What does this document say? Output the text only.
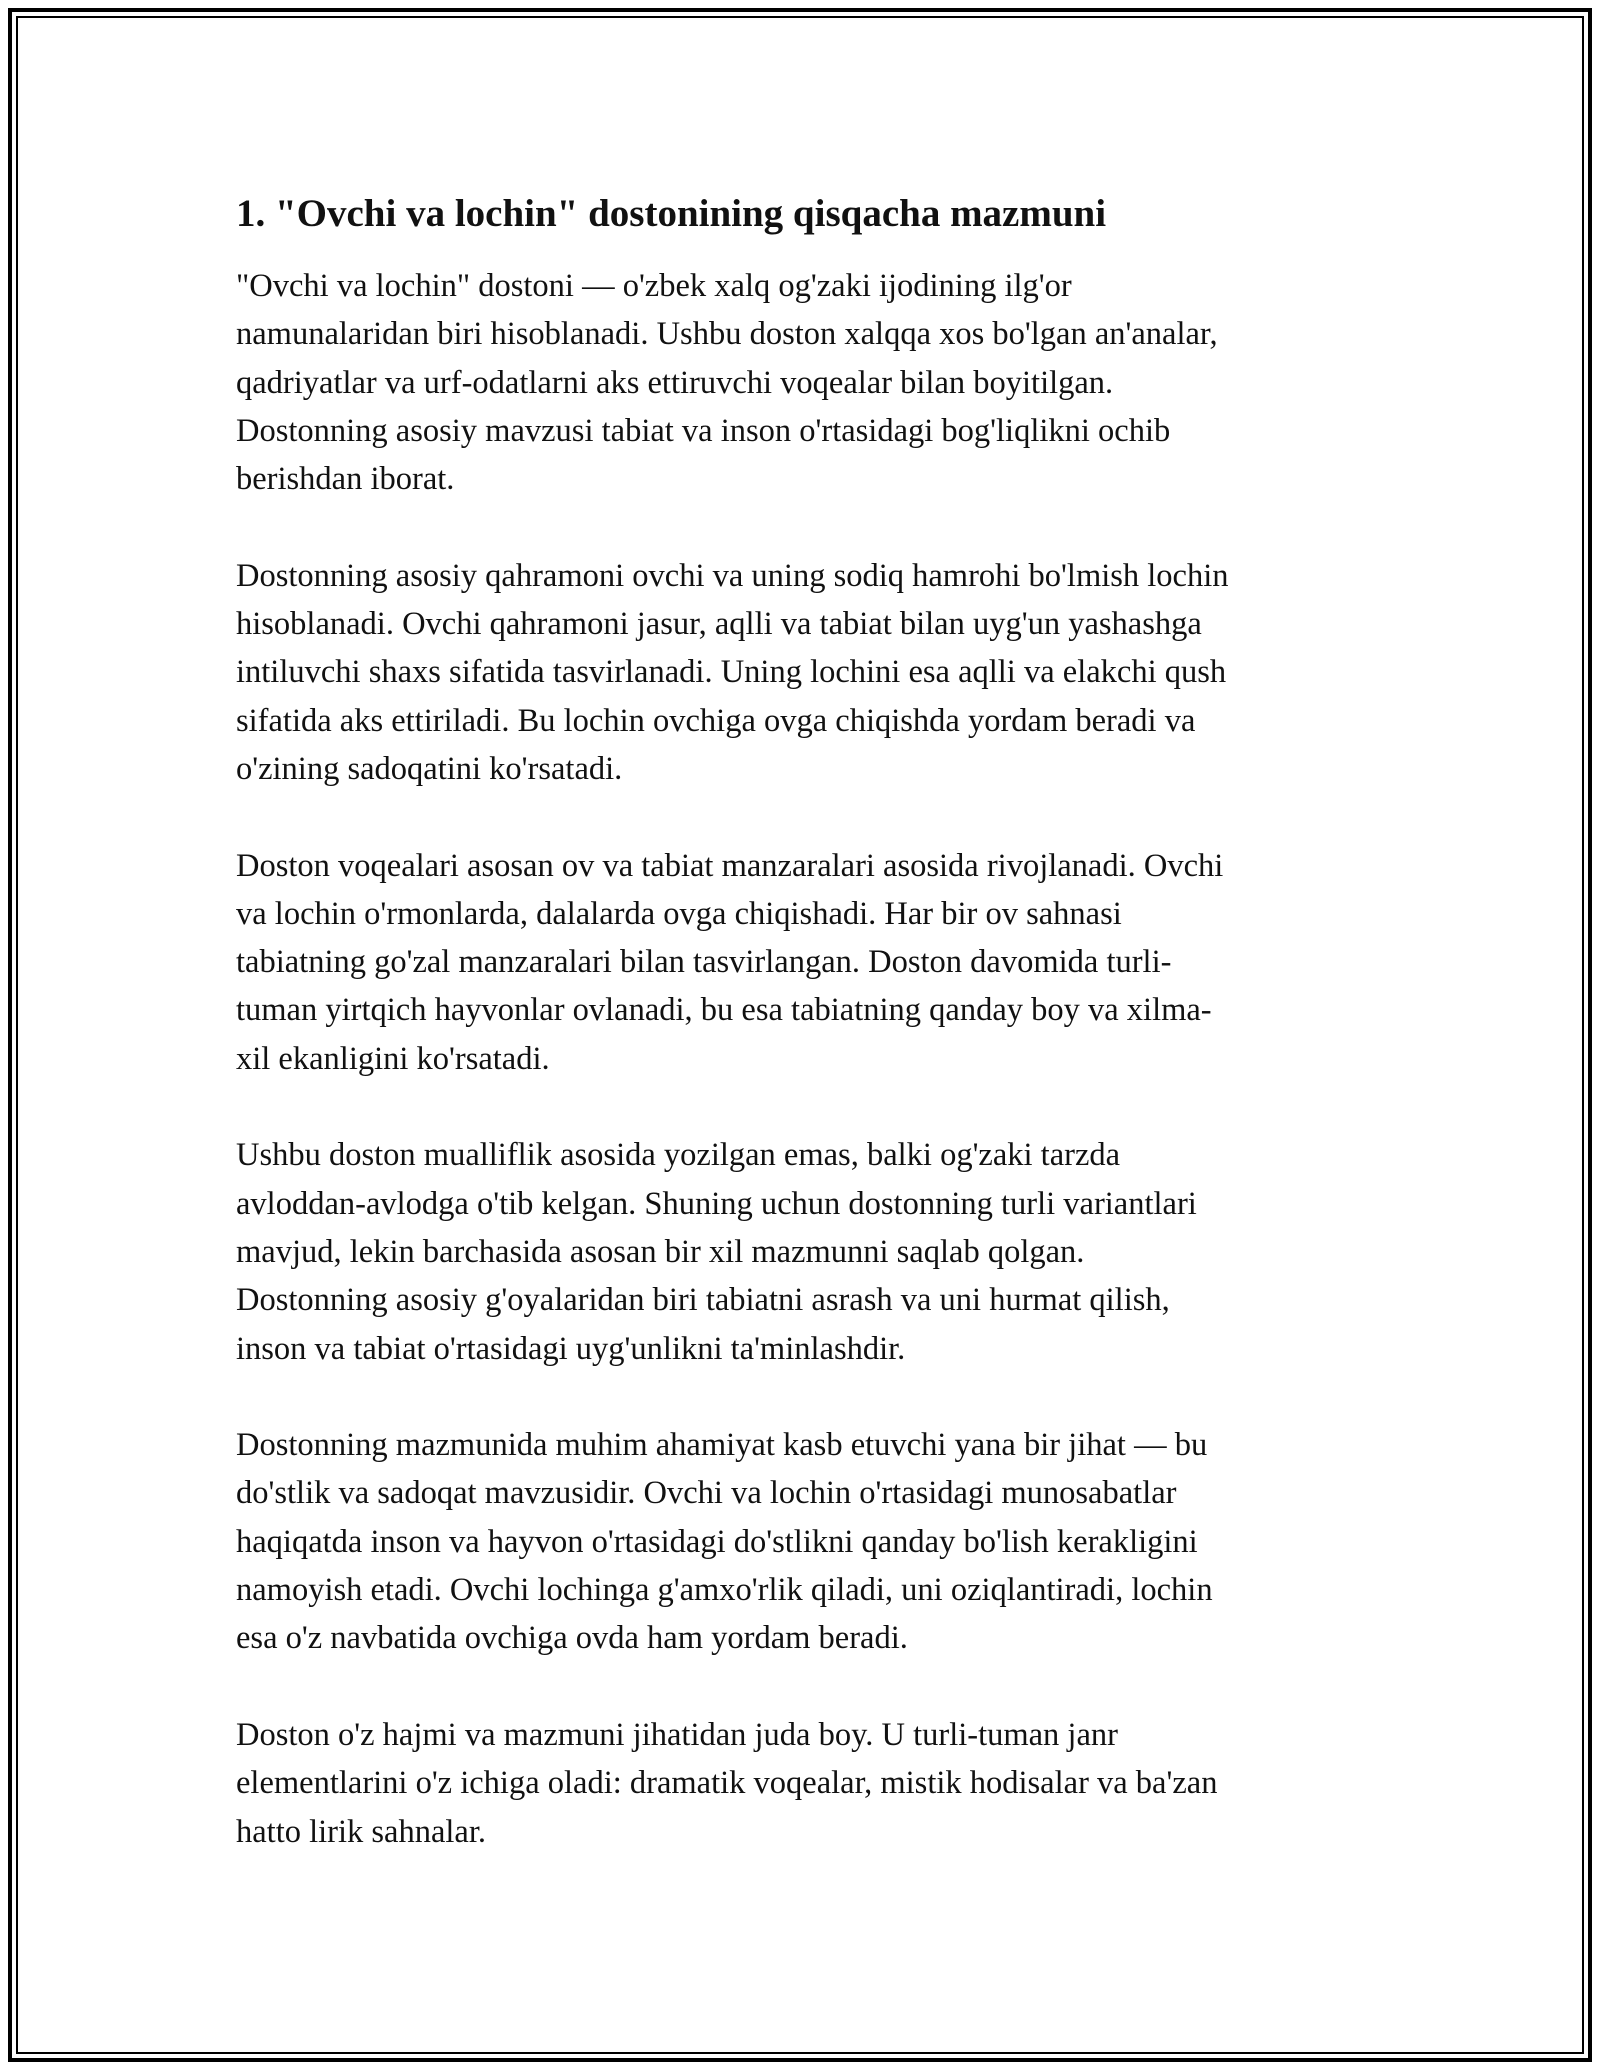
1. "Ovchi va lochin" dostonining qisqacha mazmuni
"Ovchi va lochin" dostoni — o'zbek xalq og'zaki ijodining ilg'or
namunalaridan biri hisoblanadi. Ushbu doston xalqqa xos bo'lgan an'analar,
qadriyatlar va urf-odatlarni aks ettiruvchi voqealar bilan boyitilgan.
Dostonning asosiy mavzusi tabiat va inson o'rtasidagi bog'liqlikni ochib
berishdan iborat.
Dostonning asosiy qahramoni ovchi va uning sodiq hamrohi bo'lmish lochin
hisoblanadi. Ovchi qahramoni jasur, aqlli va tabiat bilan uyg'un yashashga
intiluvchi shaxs sifatida tasvirlanadi. Uning lochini esa aqlli va elakchi qush
sifatida aks ettiriladi. Bu lochin ovchiga ovga chiqishda yordam beradi va
o'zining sadoqatini ko'rsatadi.
Doston voqealari asosan ov va tabiat manzaralari asosida rivojlanadi. Ovchi
va lochin o'rmonlarda, dalalarda ovga chiqishadi. Har bir ov sahnasi
tabiatning go'zal manzaralari bilan tasvirlangan. Doston davomida turli-
tuman yirtqich hayvonlar ovlanadi, bu esa tabiatning qanday boy va xilma-
xil ekanligini ko'rsatadi.
Ushbu doston mualliflik asosida yozilgan emas, balki og'zaki tarzda
avloddan-avlodga o'tib kelgan. Shuning uchun dostonning turli variantlari
mavjud, lekin barchasida asosan bir xil mazmunni saqlab qolgan.
Dostonning asosiy g'oyalaridan biri tabiatni asrash va uni hurmat qilish,
inson va tabiat o'rtasidagi uyg'unlikni ta'minlashdir.
Dostonning mazmunida muhim ahamiyat kasb etuvchi yana bir jihat — bu
do'stlik va sadoqat mavzusidir. Ovchi va lochin o'rtasidagi munosabatlar
haqiqatda inson va hayvon o'rtasidagi do'stlikni qanday bo'lish kerakligini
namoyish etadi. Ovchi lochinga g'amxo'rlik qiladi, uni oziqlantiradi, lochin
esa o'z navbatida ovchiga ovda ham yordam beradi.
Doston o'z hajmi va mazmuni jihatidan juda boy. U turli-tuman janr
elementlarini o'z ichiga oladi: dramatik voqealar, mistik hodisalar va ba'zan
hatto lirik sahnalar.
